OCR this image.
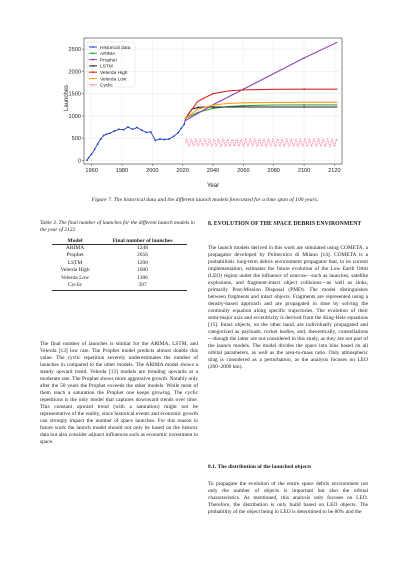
1960	1980	2000	2020	2040	2060	2080	2100	2120
0
500
1000
1500
2000
2500	Historical data
ARIMA
Prophet
LSTM
Velerda High
Velerda Low
Cyclic
Year
Launches
Figure 7. The historical data and the different launch models forecasted for a time span of 100 years.
Table 3. The final number of launches for the different launch models in the year of 2122
Model	Final number of launches
ARIMA	1248
Prophet	2656
LSTM	1200
Velerda High	1600
Velerda Low	1306
Cyclic	397

The final number of launches is similar for the ARIMA, LSTM, and Velerda [13] low rate. The Prophet model predicts almost double this value. The cyclic repetition severely underestimates the number of launches in compared to the other models. The ARIMA model shows a steady upward trend, Velerda [13] models are trending upwards at a moderate rate. The Prophet shows more aggressive growth. Notably only after the 50 years the Prophet exceeds the other models. While most of them reach a saturation the Prophet one keeps growing. The cyclic repetitions is the only model that captures downward trends over time. This constant upward trend (with a saturation) might not be representative of the reality, since historical events and economic growth can strongly impact the number of space launches. For this reason in future work the launch model should not only be based on the historic data but also consider adjunct influences such as economic investment in space.

8. EVOLUTION OF THE SPACE DEBRIS ENVIRONMENT

The launch models derived in this work are simulated using COMETA, a propagator developed by Politecnico di Milano [14]. COMETA is a probabilistic long-term debris environment propagator that, in its current implementation, estimates the future evolution of the Low Earth Orbit (LEO) region under the influence of sources—such as launches, satellite explosions, and fragment-intact object collisions—as well as sinks, primarily Post-Mission Disposal (PMD). The model distinguishes between fragments and intact objects. Fragments are represented using a density-based approach and are propagated in time by solving the continuity equation along specific trajectories. The evolution of their semi-major axis and eccentricity is derived from the King-Hele equations [15]. Intact objects, on the other hand, are individually propagated and categorized as payloads, rocket bodies, and, theoretically, constellations—though the latter are not considered in this study, as they are not part of the launch models. The model divides the space into bins based on all orbital parameters, as well as the area-to-mass ratio. Only atmospheric drag is considered as a perturbation, as the analysis focuses on LEO (200–2000 km).

8.1. The distribution of the launched objects

To propagate the evolution of the entire space debris environment not only the number of objects is important but also the orbital characteristics. As mentioned, this analysis only focuses on LEO. Therefore, the distribution is only build based on LEO objects. The probability of the object being in LEO is determined to be 80% and the
